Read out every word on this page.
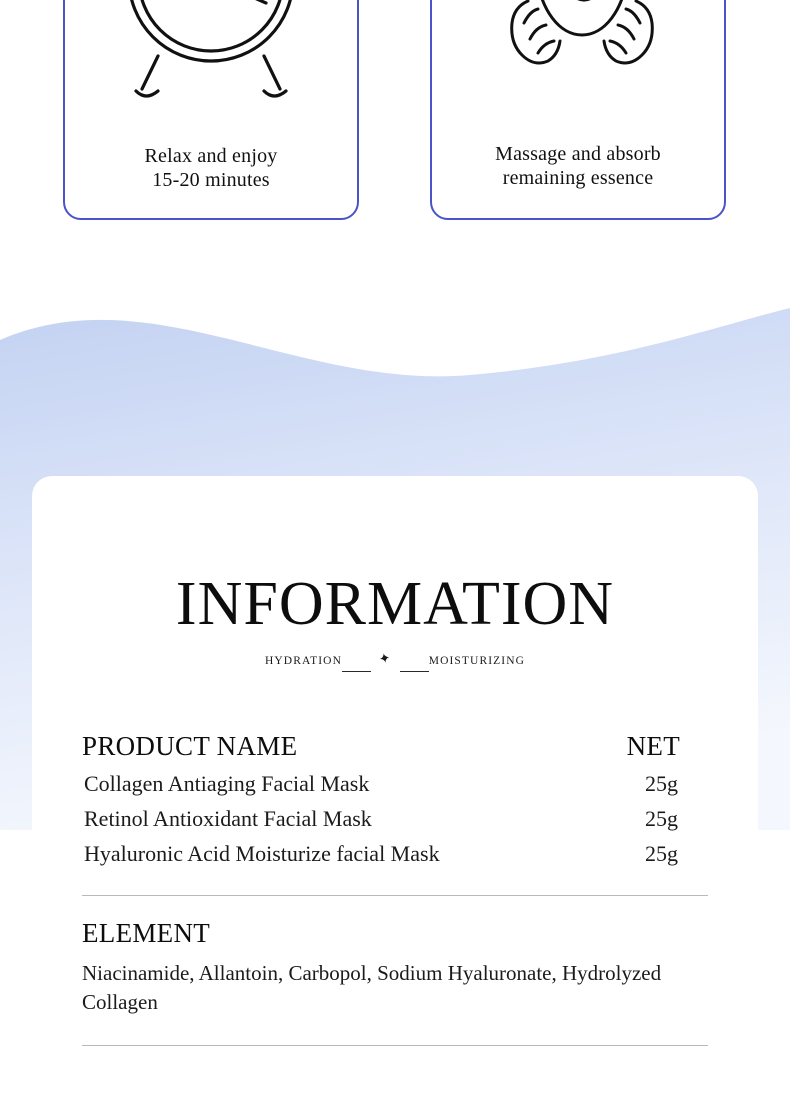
Relax and enjoy
15-20 minutes
Massage and absorb
remaining essence
INFORMATION
HYDRATION	✦	MOISTURIZING
PRODUCT NAME	NET
Collagen Antiaging Facial Mask	25g
Retinol Antioxidant Facial Mask	25g
Hyaluronic Acid Moisturize facial Mask	25g
ELEMENT
Niacinamide, Allantoin, Carbopol, Sodium Hyaluronate, Hydrolyzed Collagen
